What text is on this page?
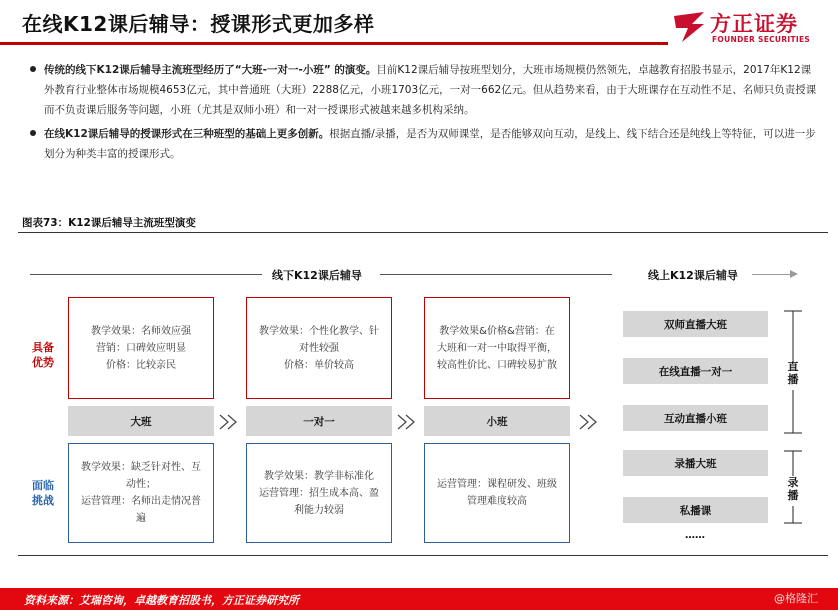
在线K12课后辅导：授课形式更加多样	方正证券
FOUNDER SECURITIES
传统的线下K12课后辅导主流班型经历了“大班-一对一-小班” 的演变。目前K12课后辅导按班型划分，大班市场规模仍然领先，卓越教育招股书显示，2017年K12课外教育行业整体市场规模4653亿元，其中普通班（大班）2288亿元，小班1703亿元，一对一662亿元。但从趋势来看，由于大班课存在互动性不足、名师只负责授课而不负责课后服务等问题，小班（尤其是双师小班）和一对一授课形式被越来越多机构采纳。
在线K12课后辅导的授课形式在三种班型的基础上更多创新。根据直播/录播，是否为双师课堂，是否能够双向互动，是线上、线下结合还是纯线上等特征，可以进一步划分为种类丰富的授课形式。
图表73：K12课后辅导主流班型演变
线下K12课后辅导	线上K12课后辅导
具备
优势
面临
挑战
教学效果：名师效应强
营销：口碑效应明显
价格：比较亲民
教学效果：个性化教学、针
对性较强
价格：单价较高
教学效果&价格&营销：在
大班和一对一中取得平衡，
较高性价比、口碑较易扩散
大班	一对一	小班
教学效果：缺乏针对性、互
动性；
运营管理：名师出走情况普
遍
教学效果：教学非标准化
运营管理：招生成本高、盈
利能力较弱
运营管理：课程研发、班级
管理难度较高
双师直播大班
在线直播一对一
互动直播小班
录播大班
私播课
……
直播
录播
资料来源：艾瑞咨询，卓越教育招股书，方正证券研究所	@格隆汇
